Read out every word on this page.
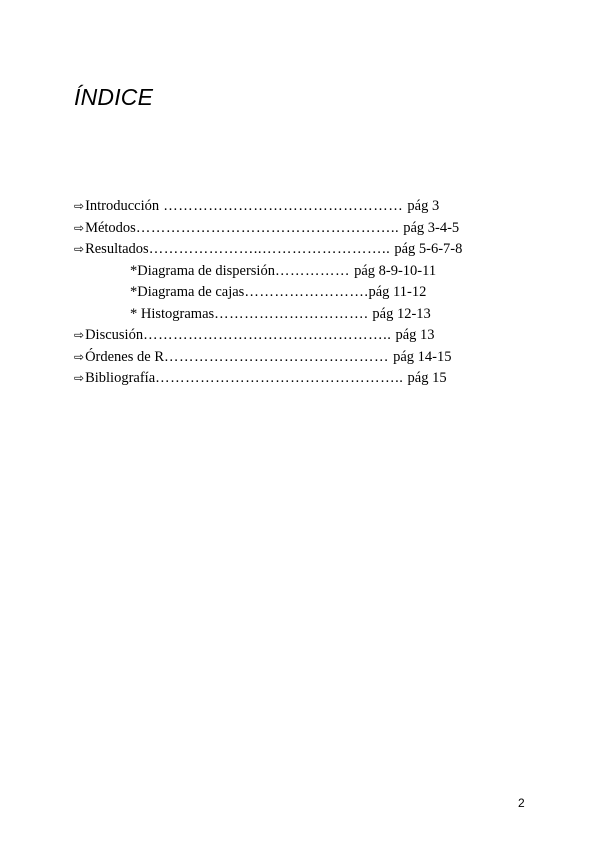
ÍNDICE
⇨Introducción ………………………………………… pág 3
⇨Métodos…………………………………………….. pág 3-4-5
⇨Resultados…………………..…………………….. pág 5-6-7-8
*Diagrama de dispersión…………… pág 8-9-10-11
*Diagrama de cajas…………………….pág 11-12
* Histogramas…………………………. pág 12-13
⇨Discusión………………………………………….. pág 13
⇨Órdenes de R……………………………………… pág 14-15
⇨Bibliografía………………………………………….. pág 15
2
